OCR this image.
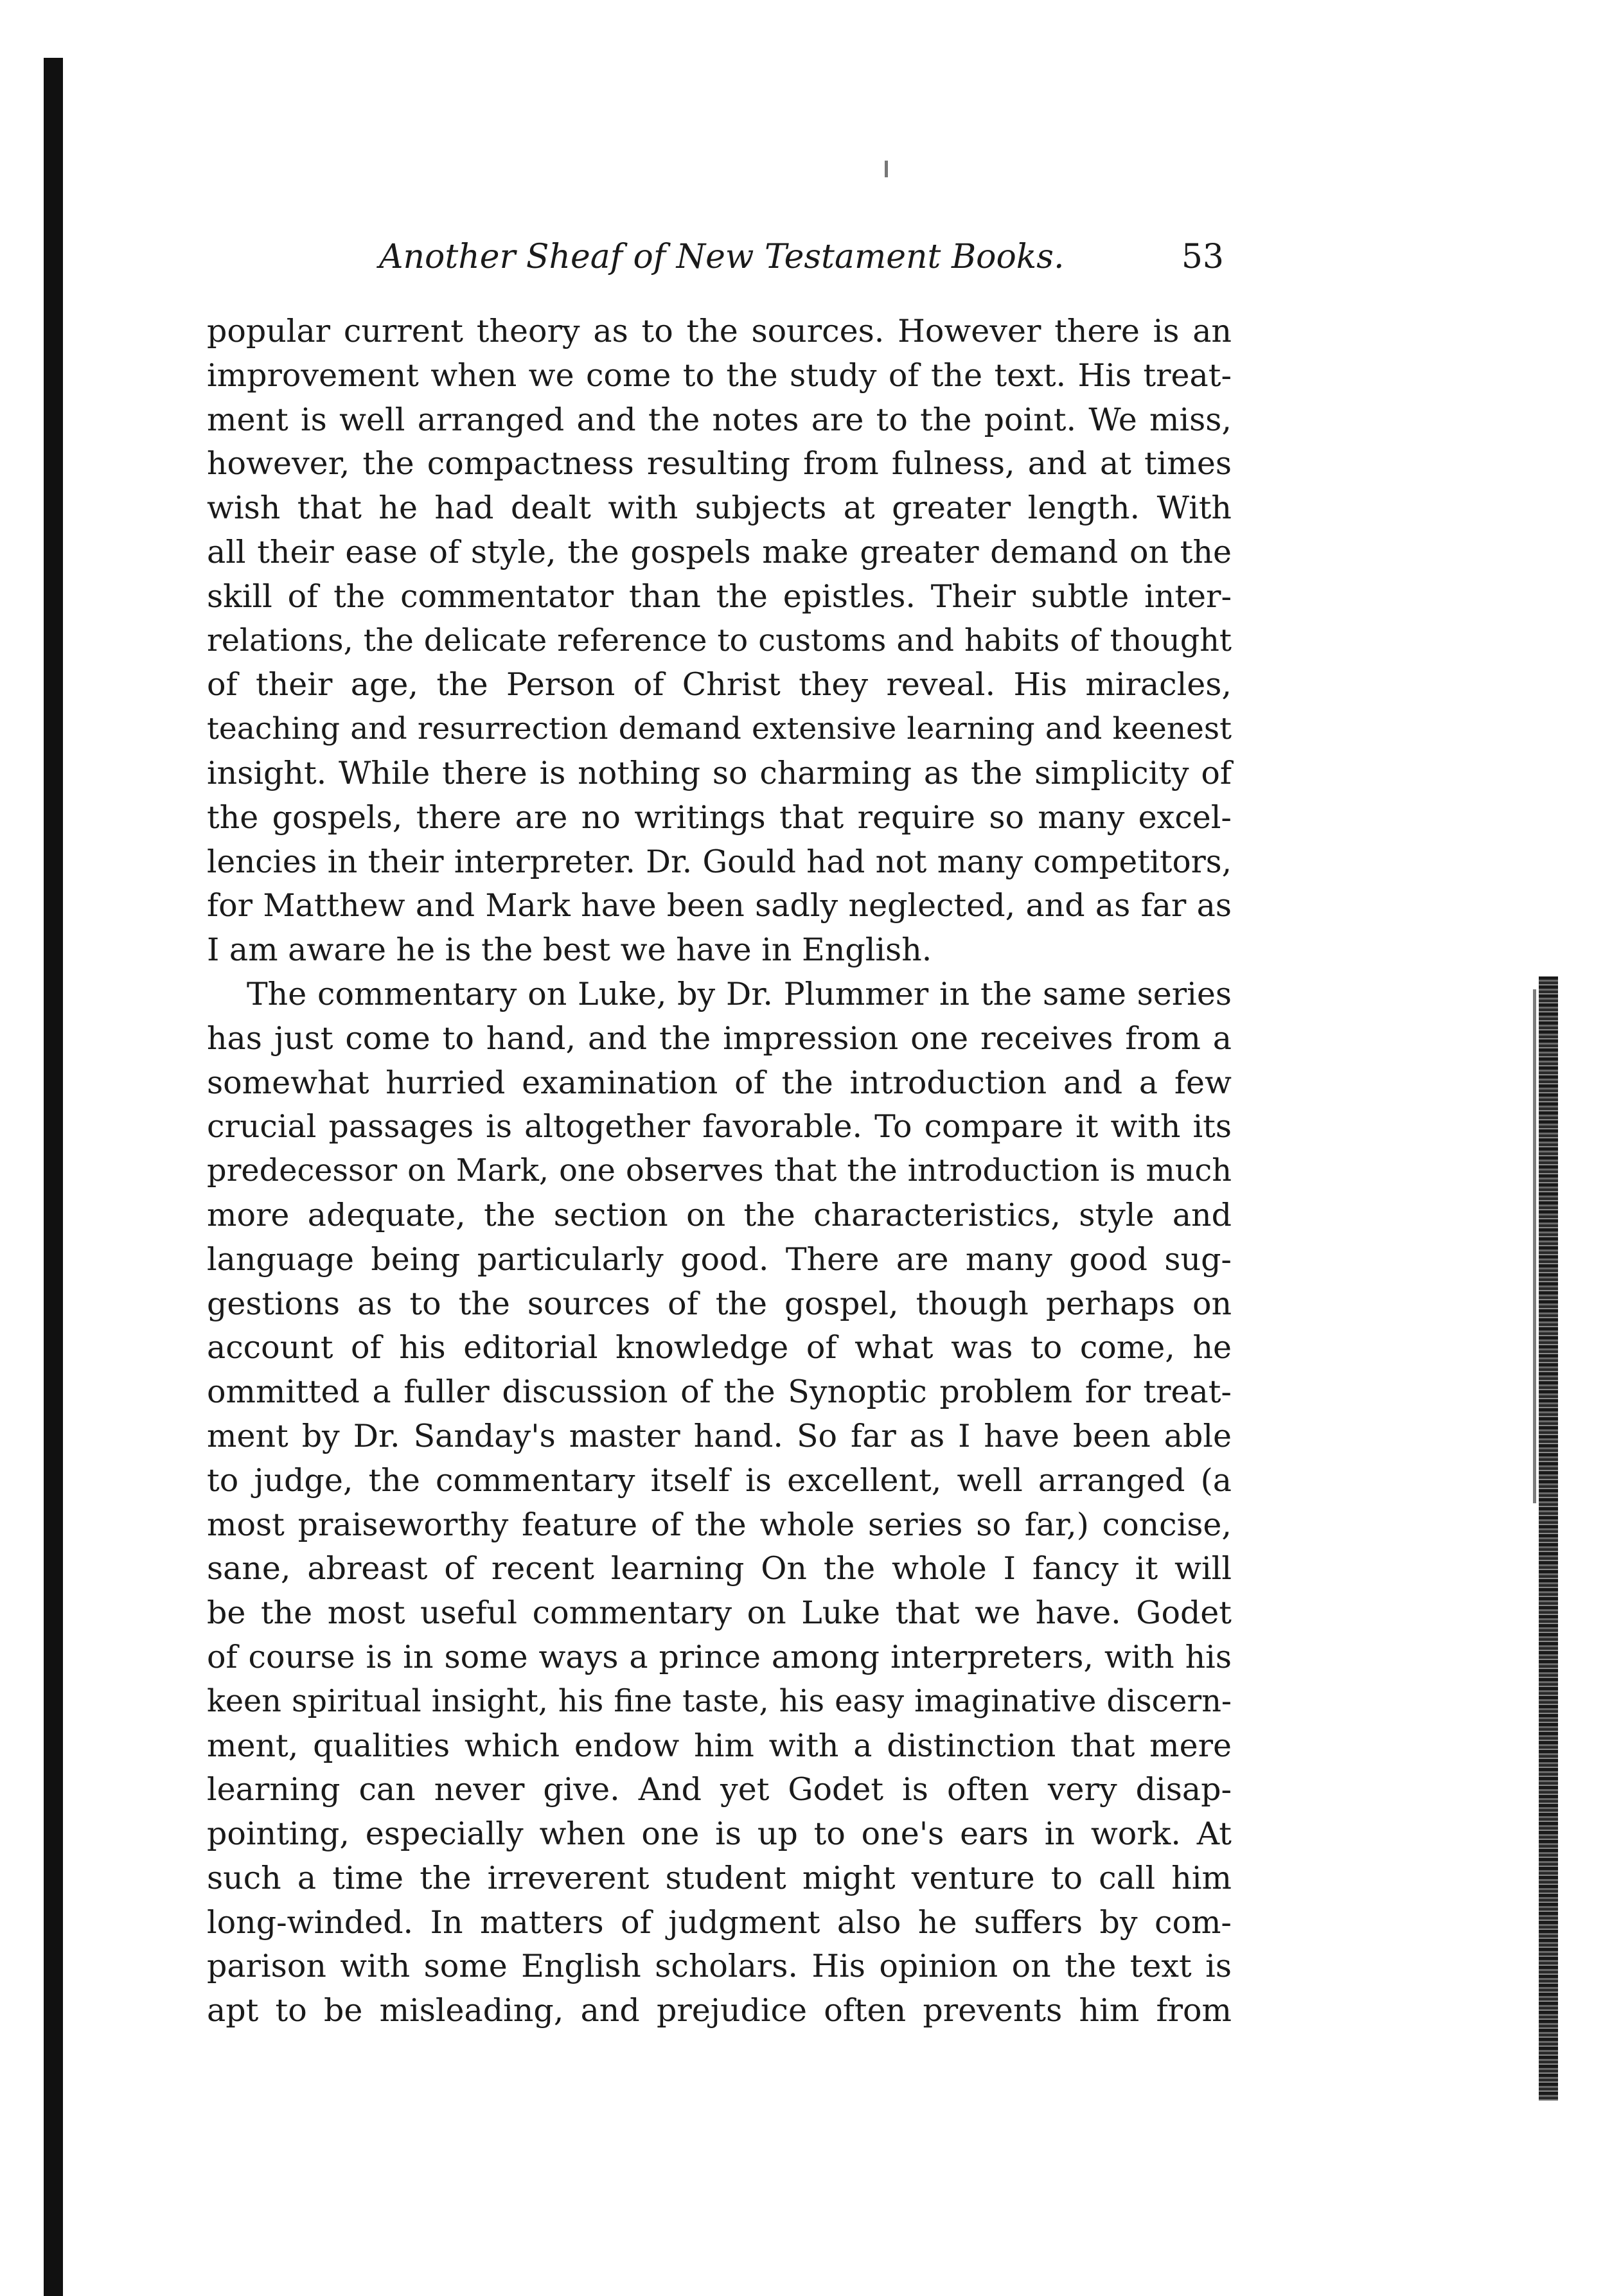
Another Sheaf of New Testament Books.	53
popular current theory as to the sources. However there is an
improvement when we come to the study of the text. His treat-
ment is well arranged and the notes are to the point. We miss,
however, the compactness resulting from fulness, and at times
wish that he had dealt with subjects at greater length. With
all their ease of style, the gospels make greater demand on the
skill of the commentator than the epistles. Their subtle inter-
relations, the delicate reference to customs and habits of thought
of their age, the Person of Christ they reveal. His miracles,
teaching and resurrection demand extensive learning and keenest
insight. While there is nothing so charming as the simplicity of
the gospels, there are no writings that require so many excel-
lencies in their interpreter. Dr. Gould had not many competitors,
for Matthew and Mark have been sadly neglected, and as far as
I am aware he is the best we have in English.
The commentary on Luke, by Dr. Plummer in the same series
has just come to hand, and the impression one receives from a
somewhat hurried examination of the introduction and a few
crucial passages is altogether favorable. To compare it with its
predecessor on Mark, one observes that the introduction is much
more adequate, the section on the characteristics, style and
language being particularly good. There are many good sug-
gestions as to the sources of the gospel, though perhaps on
account of his editorial knowledge of what was to come, he
ommitted a fuller discussion of the Synoptic problem for treat-
ment by Dr. Sanday's master hand. So far as I have been able
to judge, the commentary itself is excellent, well arranged (a
most praiseworthy feature of the whole series so far,) concise,
sane, abreast of recent learning On the whole I fancy it will
be the most useful commentary on Luke that we have. Godet
of course is in some ways a prince among interpreters, with his
keen spiritual insight, his fine taste, his easy imaginative discern-
ment, qualities which endow him with a distinction that mere
learning can never give. And yet Godet is often very disap-
pointing, especially when one is up to one's ears in work. At
such a time the irreverent student might venture to call him
long-winded. In matters of judgment also he suffers by com-
parison with some English scholars. His opinion on the text is
apt to be misleading, and prejudice often prevents him from
